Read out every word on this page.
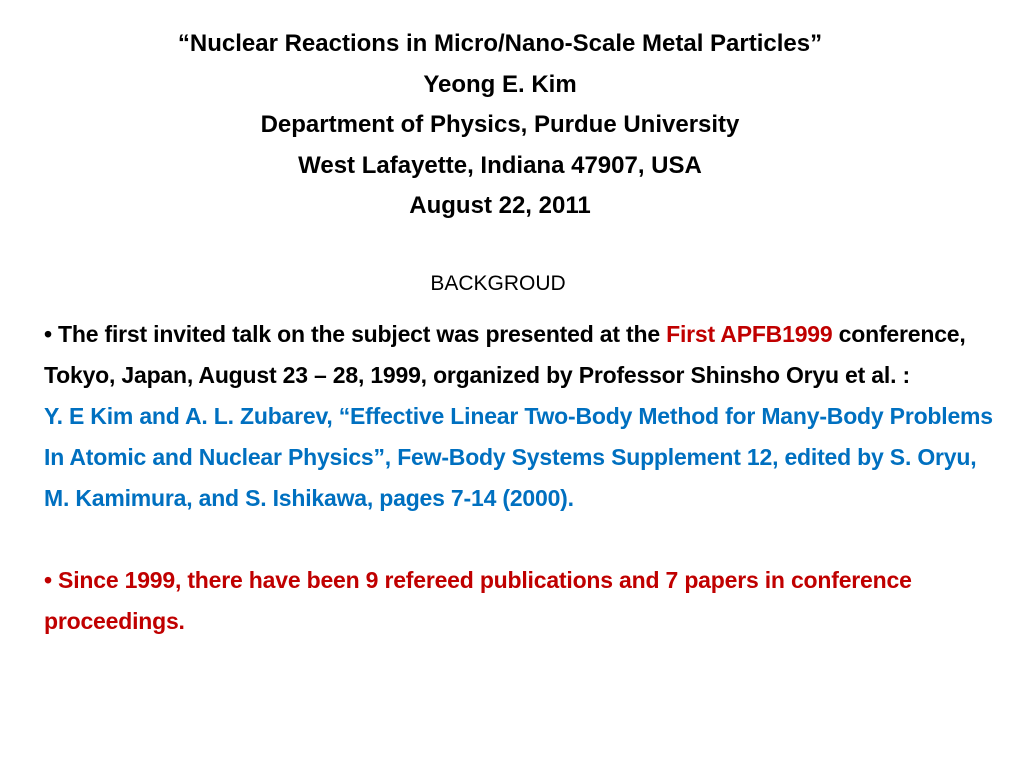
“Nuclear Reactions in Micro/Nano-Scale Metal Particles”
Yeong E. Kim
Department of Physics, Purdue University
West Lafayette, Indiana 47907, USA
August 22, 2011
BACKGROUD

• The first invited talk on the subject was presented at the First APFB1999 conference, Tokyo, Japan, August 23 – 28, 1999, organized by Professor Shinsho Oryu et al. :

Y. E Kim and A. L. Zubarev, “Effective Linear Two-Body Method for Many-Body Problems In Atomic and Nuclear Physics”, Few-Body Systems Supplement 12, edited by S. Oryu, M. Kamimura, and S. Ishikawa, pages 7-14 (2000).

• Since 1999, there have been 9 refereed publications and 7 papers in conference proceedings.
